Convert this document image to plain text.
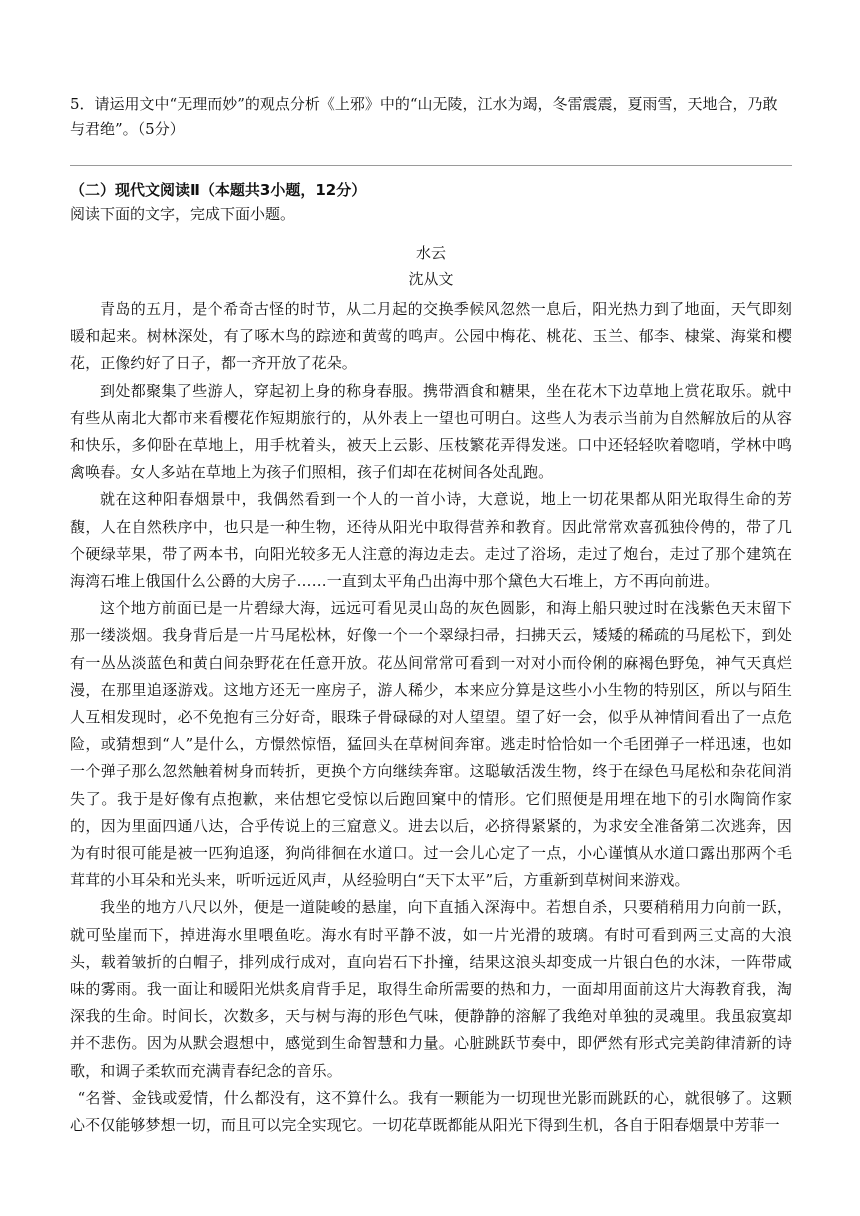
5．请运用文中“无理而妙”的观点分析《上邪》中的“山无陵，江水为竭，冬雷震震，夏雨雪，天地合，乃敢与君绝”。（5分）

（二）现代文阅读Ⅱ（本题共3小题，12分）

阅读下面的文字，完成下面小题。

水云

沈从文

青岛的五月，是个希奇古怪的时节，从二月起的交换季候风忽然一息后，阳光热力到了地面，天气即刻暖和起来。树林深处，有了啄木鸟的踪迹和黄莺的鸣声。公园中梅花、桃花、玉兰、郁李、棣棠、海棠和樱花，正像约好了日子，都一齐开放了花朵。

到处都聚集了些游人，穿起初上身的称身春服。携带酒食和糖果，坐在花木下边草地上赏花取乐。就中有些从南北大都市来看樱花作短期旅行的，从外表上一望也可明白。这些人为表示当前为自然解放后的从容和快乐，多仰卧在草地上，用手枕着头，被天上云影、压枝繁花弄得发迷。口中还轻轻吹着唿哨，学林中鸣禽唤春。女人多站在草地上为孩子们照相，孩子们却在花树间各处乱跑。

就在这种阳春烟景中，我偶然看到一个人的一首小诗，大意说，地上一切花果都从阳光取得生命的芳馥，人在自然秩序中，也只是一种生物，还待从阳光中取得营养和教育。因此常常欢喜孤独伶俜的，带了几个硬绿苹果，带了两本书，向阳光较多无人注意的海边走去。走过了浴场，走过了炮台，走过了那个建筑在海湾石堆上俄国什么公爵的大房子……一直到太平角凸出海中那个黛色大石堆上，方不再向前进。

这个地方前面已是一片碧绿大海，远远可看见灵山岛的灰色圆影，和海上船只驶过时在浅紫色天末留下那一缕淡烟。我身背后是一片马尾松林，好像一个一个翠绿扫帚，扫拂天云，矮矮的稀疏的马尾松下，到处有一丛丛淡蓝色和黄白间杂野花在任意开放。花丛间常常可看到一对对小而伶俐的麻褐色野兔，神气天真烂漫，在那里追逐游戏。这地方还无一座房子，游人稀少，本来应分算是这些小小生物的特别区，所以与陌生人互相发现时，必不免抱有三分好奇，眼珠子骨碌碌的对人望望。望了好一会，似乎从神情间看出了一点危险，或猜想到“人”是什么，方憬然惊悟，猛回头在草树间奔窜。逃走时恰恰如一个毛团弹子一样迅速，也如一个弹子那么忽然触着树身而转折，更换个方向继续奔窜。这聪敏活泼生物，终于在绿色马尾松和杂花间消失了。我于是好像有点抱歉，来估想它受惊以后跑回窠中的情形。它们照便是用埋在地下的引水陶筒作家的，因为里面四通八达，合乎传说上的三窟意义。进去以后，必挤得紧紧的，为求安全准备第二次逃奔，因为有时很可能是被一匹狗追逐，狗尚徘徊在水道口。过一会儿心定了一点，小心谨慎从水道口露出那两个毛茸茸的小耳朵和光头来，听听远近风声，从经验明白“天下太平”后，方重新到草树间来游戏。

我坐的地方八尺以外，便是一道陡峻的悬崖，向下直插入深海中。若想自杀，只要稍稍用力向前一跃，就可坠崖而下，掉进海水里喂鱼吃。海水有时平静不波，如一片光滑的玻璃。有时可看到两三丈高的大浪头，载着皱折的白帽子，排列成行成对，直向岩石下扑撞，结果这浪头却变成一片银白色的水沫，一阵带咸味的雾雨。我一面让和暖阳光烘炙肩背手足，取得生命所需要的热和力，一面却用面前这片大海教育我，淘深我的生命。时间长，次数多，天与树与海的形色气味，便静静的溶解了我绝对单独的灵魂里。我虽寂寞却并不悲伤。因为从默会遐想中，感觉到生命智慧和力量。心脏跳跃节奏中，即俨然有形式完美韵律清新的诗歌，和调子柔软而充满青春纪念的音乐。

“名誉、金钱或爱情，什么都没有，这不算什么。我有一颗能为一切现世光影而跳跃的心，就很够了。这颗心不仅能够梦想一切，而且可以完全实现它。一切花草既都能从阳光下得到生机，各自于阳春烟景中芳菲一
